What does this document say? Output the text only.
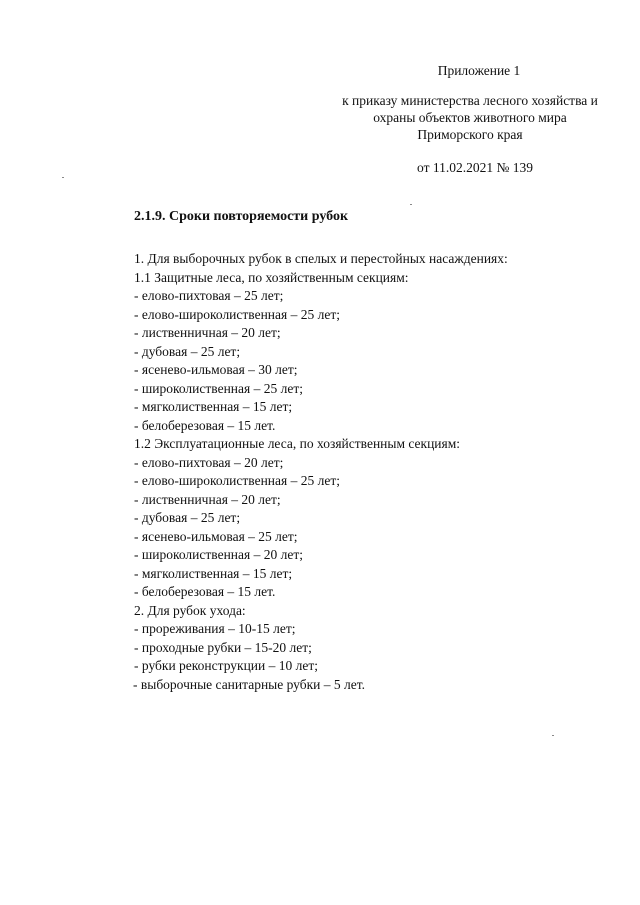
Приложение 1
к приказу министерства лесного хозяйства и
охраны объектов животного мира
Приморского края
от 11.02.2021 № 139
2.1.9. Сроки повторяемости рубок
1. Для выборочных рубок в спелых и перестойных насаждениях:
1.1 Защитные леса, по хозяйственным секциям:
- елово-пихтовая – 25 лет;
- елово-широколиственная – 25 лет;
- лиственничная – 20 лет;
- дубовая – 25 лет;
- ясенево-ильмовая – 30 лет;
- широколиственная – 25 лет;
- мягколиственная – 15 лет;
- белоберезовая – 15 лет.
1.2 Эксплуатационные леса, по хозяйственным секциям:
- елово-пихтовая – 20 лет;
- елово-широколиственная – 25 лет;
- лиственничная – 20 лет;
- дубовая – 25 лет;
- ясенево-ильмовая – 25 лет;
- широколиственная – 20 лет;
- мягколиственная – 15 лет;
- белоберезовая – 15 лет.
2. Для рубок ухода:
- прореживания – 10-15 лет;
- проходные рубки – 15-20 лет;
- рубки реконструкции – 10 лет;
- выборочные санитарные рубки – 5 лет.
